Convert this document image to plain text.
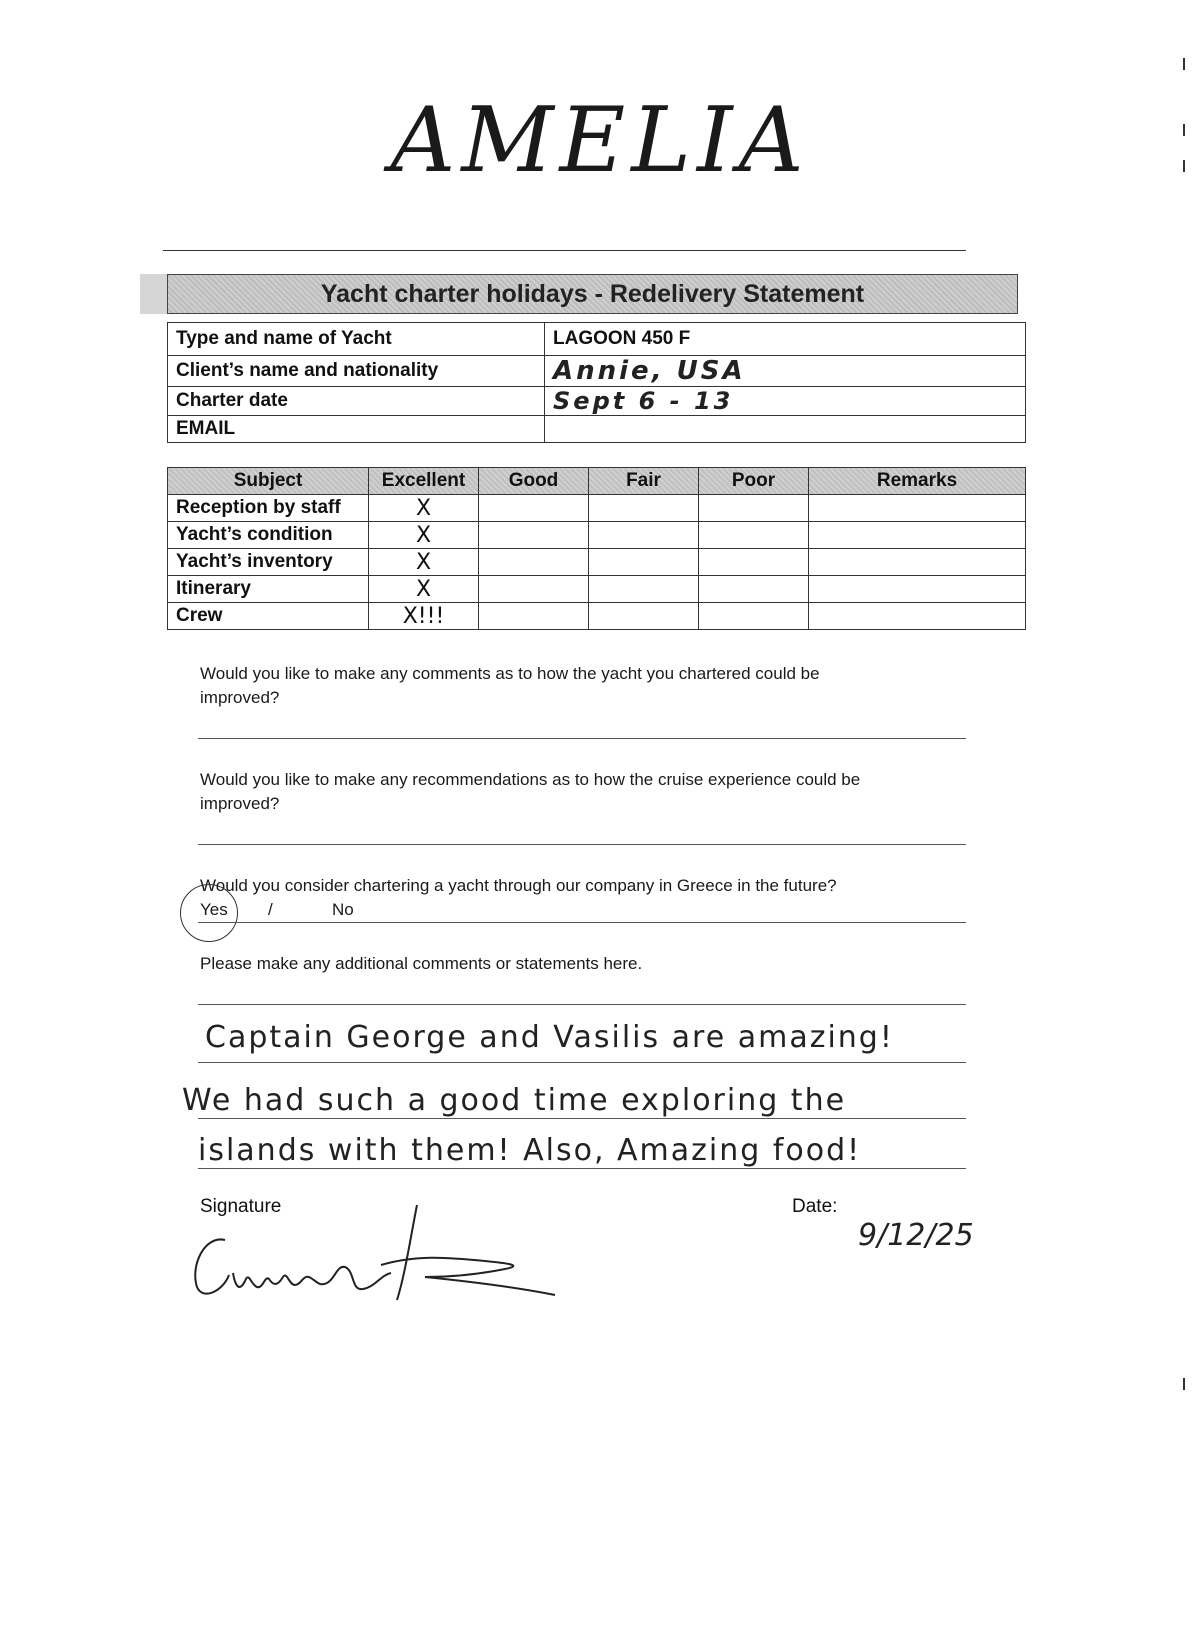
AMELIA
Yacht charter holidays - Redelivery Statement
Type and name of Yacht	LAGOON 450 F
Client’s name and nationality	Annie, USA
Charter date	Sept 6 - 13
EMAIL	
Subject	Excellent	Good	Fair	Poor	Remarks
Reception by staff	X				
Yacht’s condition	X				
Yacht’s inventory	X				
Itinerary	X				
Crew	X!!!				
Would you like to make any comments as to how the yacht you chartered could be improved?
Would you like to make any recommendations as to how the cruise experience could be improved?
Would you consider chartering a yacht through our company in Greece in the future?
Yes /	No
Please make any additional comments or statements here.
Captain George and Vasilis are amazing!
We had such a good time exploring the
islands with them! Also, Amazing food!
Signature	Date:
9/12/25
